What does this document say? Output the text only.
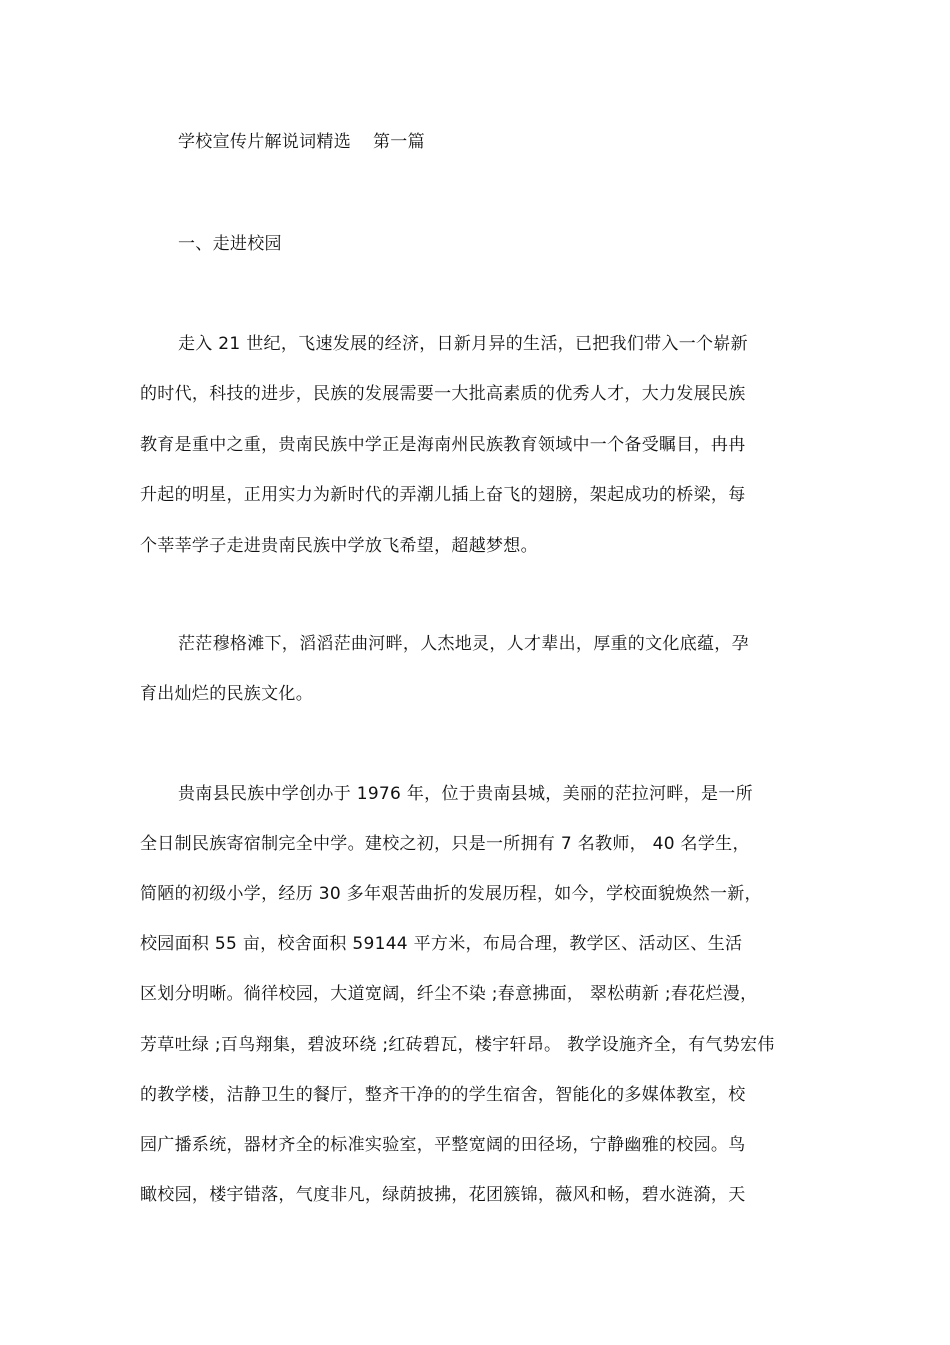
学校宣传片解说词精选 第一篇
一、走进校园
走入 21 世纪，飞速发展的经济，日新月异的生活，已把我们带入一个崭新
的时代，科技的进步，民族的发展需要一大批高素质的优秀人才，大力发展民族
教育是重中之重，贵南民族中学正是海南州民族教育领域中一个备受瞩目，冉冉
升起的明星，正用实力为新时代的弄潮儿插上奋飞的翅膀，架起成功的桥梁，每
个莘莘学子走进贵南民族中学放飞希望，超越梦想。
茫茫穆格滩下，滔滔茫曲河畔，人杰地灵，人才辈出，厚重的文化底蕴，孕
育出灿烂的民族文化。
贵南县民族中学创办于 1976 年，位于贵南县城，美丽的茫拉河畔，是一所
全日制民族寄宿制完全中学。建校之初，只是一所拥有 7 名教师， 40 名学生，
简陋的初级小学，经历 30 多年艰苦曲折的发展历程，如今，学校面貌焕然一新，
校园面积 55 亩，校舍面积 59144 平方米，布局合理，教学区、活动区、生活
区划分明晰。徜徉校园，大道宽阔，纤尘不染 ;春意拂面， 翠松萌新 ;春花烂漫，
芳草吐绿 ;百鸟翔集，碧波环绕 ;红砖碧瓦，楼宇轩昂。 教学设施齐全，有气势宏伟
的教学楼，洁静卫生的餐厅，整齐干净的的学生宿舍，智能化的多媒体教室，校
园广播系统，器材齐全的标准实验室，平整宽阔的田径场，宁静幽雅的校园。鸟
瞰校园，楼宇错落，气度非凡，绿荫披拂，花团簇锦，薇风和畅，碧水涟漪，天
